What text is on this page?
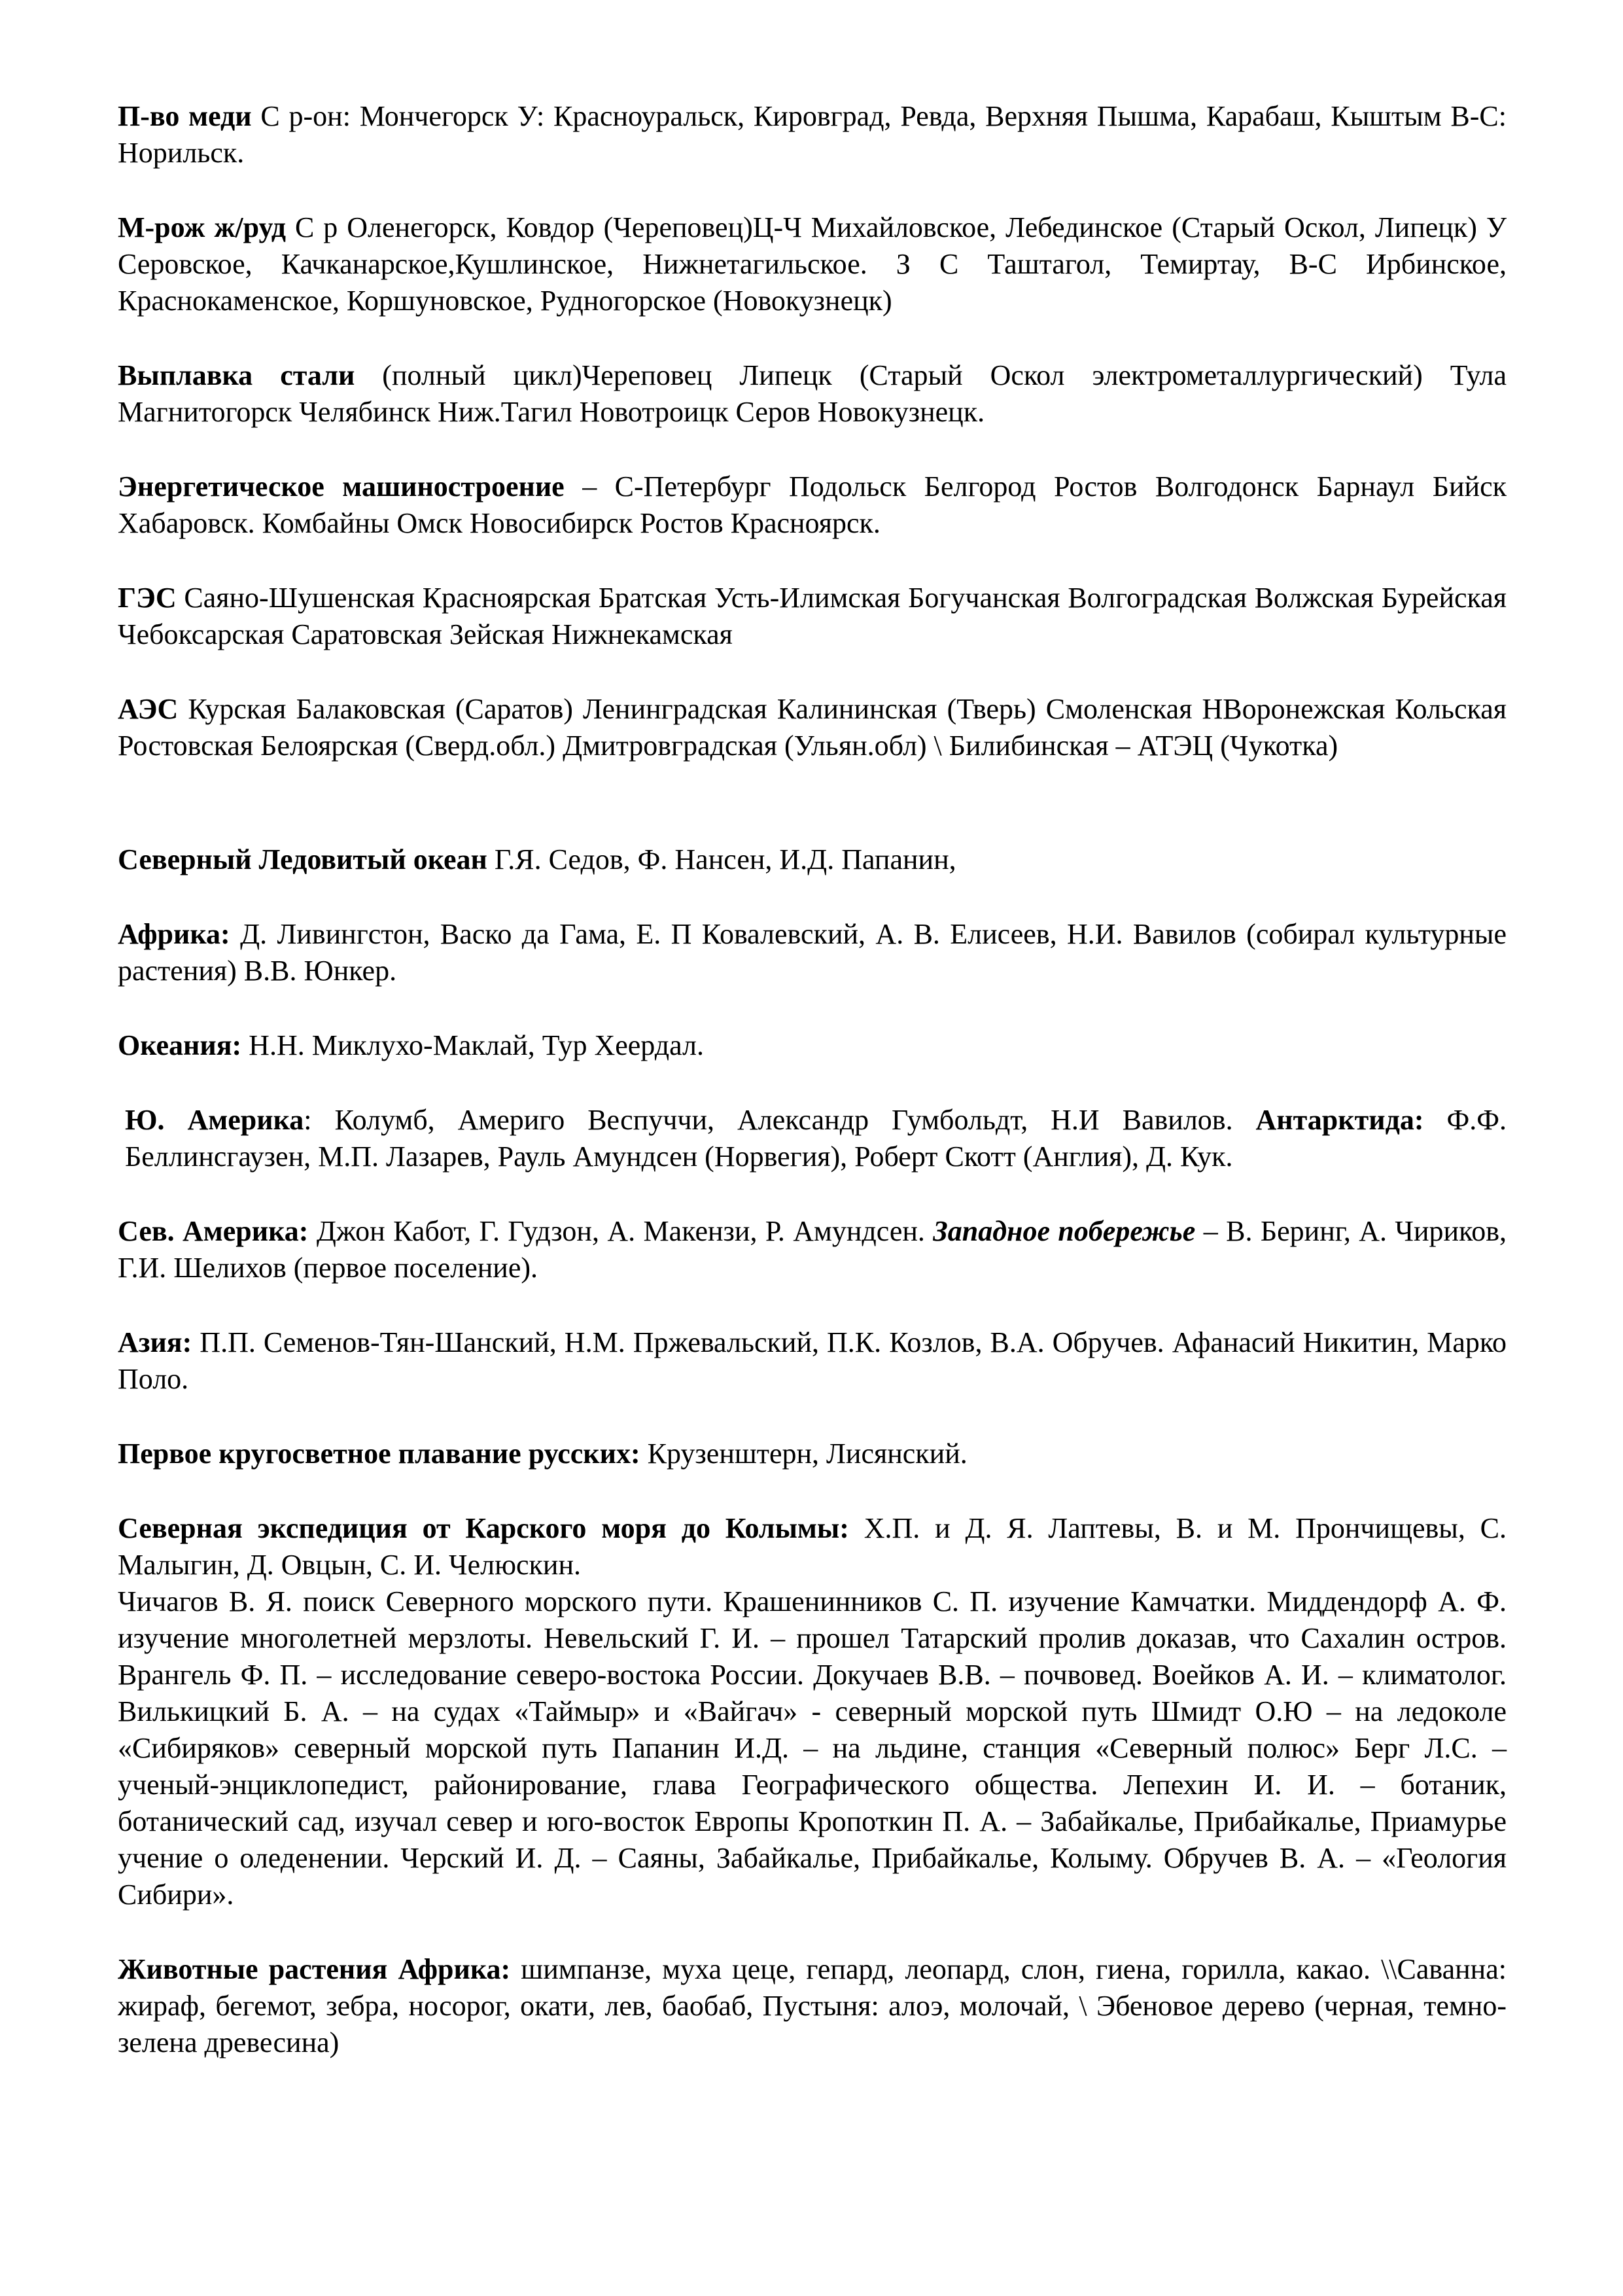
П-во меди С р-он: Мончегорск У: Красноуральск, Кировград, Ревда, Верхняя Пышма, Карабаш, Кыштым В-С: Норильск.

М-рож ж/руд С р Оленегорск, Ковдор (Череповец)Ц-Ч Михайловское, Лебединское (Старый Оскол, Липецк) У Серовское, Качканарское,Кушлинское, Нижнетагильское. З С Таштагол, Темиртау, В-С Ирбинское, Краснокаменское, Коршуновское, Рудногорское (Новокузнецк)

Выплавка стали (полный цикл)Череповец Липецк (Старый Оскол электрометаллургический) Тула Магнитогорск Челябинск Ниж.Тагил Новотроицк Серов Новокузнецк.

Энергетическое машиностроение – С-Петербург Подольск Белгород Ростов Волгодонск Барнаул Бийск Хабаровск. Комбайны Омск Новосибирск Ростов Красноярск.

ГЭС Саяно-Шушенская Красноярская Братская Усть-Илимская Богучанская Волгоградская Волжская Бурейская Чебоксарская Саратовская Зейская Нижнекамская

АЭС Курская Балаковская (Саратов) Ленинградская Калининская (Тверь) Смоленская НВоронежская Кольская Ростовская Белоярская (Сверд.обл.) Дмитровградская (Ульян.обл) \ Билибинская – АТЭЦ (Чукотка)

Северный Ледовитый океан Г.Я. Седов, Ф. Нансен, И.Д. Папанин,

Африка: Д. Ливингстон, Васко да Гама, Е. П Ковалевский, А. В. Елисеев, Н.И. Вавилов (собирал культурные растения) В.В. Юнкер.

Океания: Н.Н. Миклухо-Маклай, Тур Хеердал.

Ю. Америка: Колумб, Америго Веспуччи, Александр Гумбольдт, Н.И Вавилов. Антарктида: Ф.Ф. Беллинсгаузен, М.П. Лазарев, Рауль Амундсен (Норвегия), Роберт Скотт (Англия), Д. Кук.

Сев. Америка: Джон Кабот, Г. Гудзон, А. Макензи, Р. Амундсен. Западное побережье – В. Беринг, А. Чириков, Г.И. Шелихов (первое поселение).

Азия: П.П. Семенов-Тян-Шанский, Н.М. Пржевальский, П.К. Козлов, В.А. Обручев. Афанасий Никитин, Марко Поло.

Первое кругосветное плавание русских: Крузенштерн, Лисянский.

Северная экспедиция от Карского моря до Колымы: Х.П. и Д. Я. Лаптевы, В. и М. Прончищевы, С. Малыгин, Д. Овцын, С. И. Челюскин.

Чичагов В. Я. поиск Северного морского пути. Крашенинников С. П. изучение Камчатки. Миддендорф А. Ф. изучение многолетней мерзлоты. Невельский Г. И. – прошел Татарский пролив доказав, что Сахалин остров. Врангель Ф. П. – исследование северо-востока России. Докучаев В.В. – почвовед. Воейков А. И. – климатолог. Вилькицкий Б. А. – на судах «Таймыр» и «Вайгач» - северный морской путь Шмидт О.Ю – на ледоколе «Сибиряков» северный морской путь Папанин И.Д. – на льдине, станция «Северный полюс» Берг Л.С. – ученый-энциклопедист, районирование, глава Географического общества. Лепехин И. И. – ботаник, ботанический сад, изучал север и юго-восток Европы Кропоткин П. А. – Забайкалье, Прибайкалье, Приамурье учение о оледенении. Черский И. Д. – Саяны, Забайкалье, Прибайкалье, Колыму. Обручев В. А. – «Геология Сибири».

Животные растения Африка: шимпанзе, муха цеце, гепард, леопард, слон, гиена, горилла, какао. \\Саванна: жираф, бегемот, зебра, носорог, окати, лев, баобаб, Пустыня: алоэ, молочай, \ Эбеновое дерево (черная, темно-зелена древесина)
